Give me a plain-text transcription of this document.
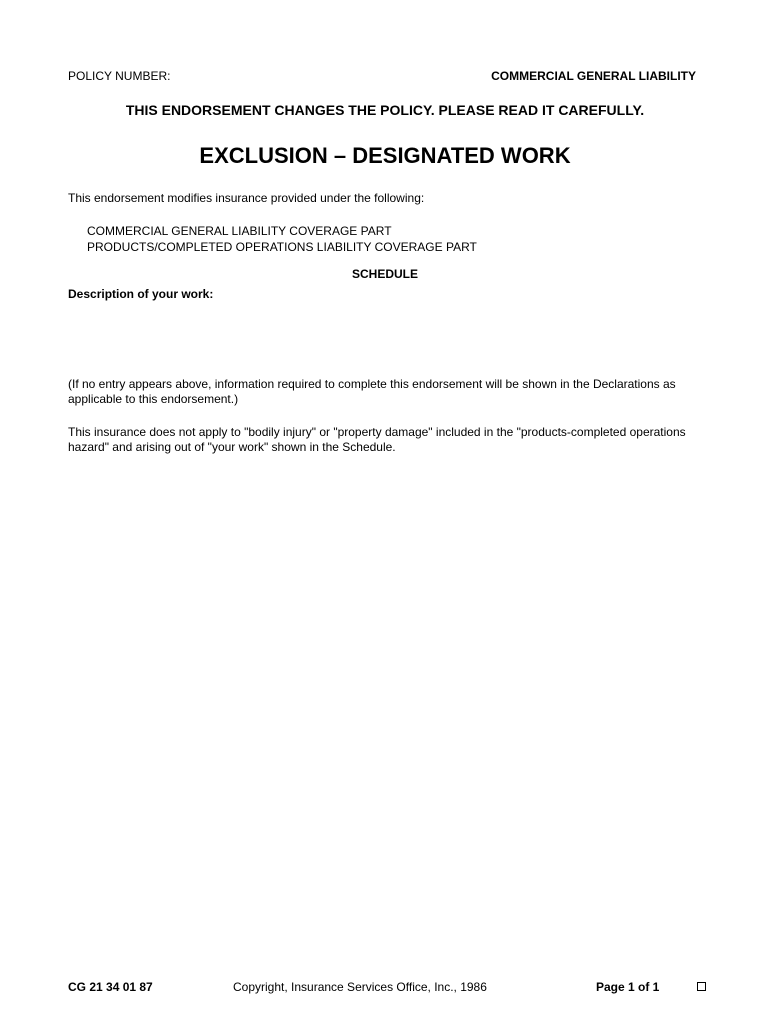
POLICY NUMBER:	COMMERCIAL GENERAL LIABILITY
THIS ENDORSEMENT CHANGES THE POLICY. PLEASE READ IT CAREFULLY.
EXCLUSION – DESIGNATED WORK
This endorsement modifies insurance provided under the following:
COMMERCIAL GENERAL LIABILITY COVERAGE PART
PRODUCTS/COMPLETED OPERATIONS LIABILITY COVERAGE PART
SCHEDULE
Description of your work:
(If no entry appears above, information required to complete this endorsement will be shown in the Declarations as applicable to this endorsement.)
This insurance does not apply to "bodily injury" or "property damage" included in the "products-completed operations hazard" and arising out of "your work" shown in the Schedule.
CG 21 34 01 87	Copyright, Insurance Services Office, Inc., 1986	Page 1 of 1
